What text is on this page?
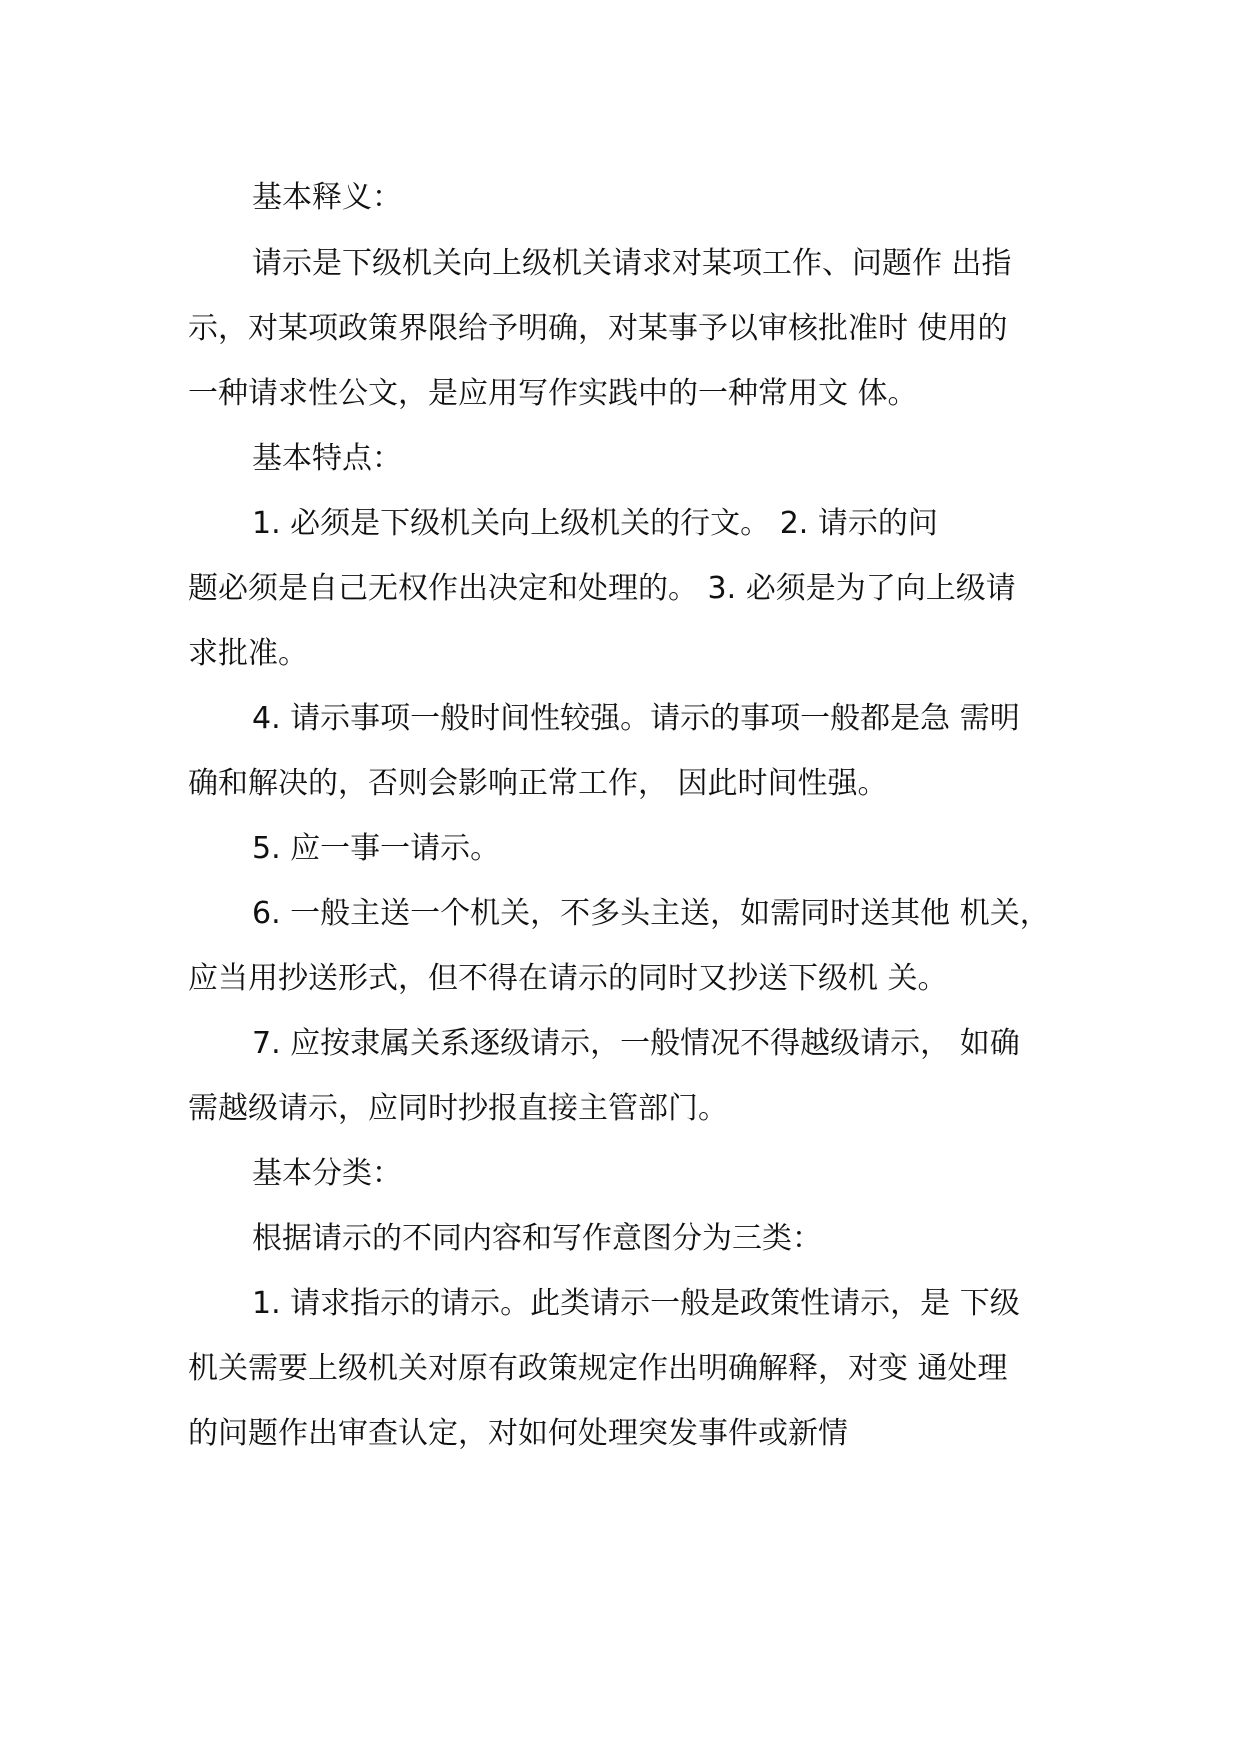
基本释义：
请示是下级机关向上级机关请求对某项工作、问题作 出指
示，对某项政策界限给予明确，对某事予以审核批准时 使用的
一种请求性公文，是应用写作实践中的一种常用文 体。
基本特点：
1. 必须是下级机关向上级机关的行文。 2. 请示的问
题必须是自己无权作出决定和处理的。 3. 必须是为了向上级请
求批准。
4. 请示事项一般时间性较强。请示的事项一般都是急 需明
确和解决的，否则会影响正常工作， 因此时间性强。
5. 应一事一请示。
6. 一般主送一个机关，不多头主送，如需同时送其他 机关，
应当用抄送形式，但不得在请示的同时又抄送下级机 关。
7. 应按隶属关系逐级请示，一般情况不得越级请示， 如确
需越级请示，应同时抄报直接主管部门。
基本分类：
根据请示的不同内容和写作意图分为三类：
1. 请求指示的请示。此类请示一般是政策性请示，是 下级
机关需要上级机关对原有政策规定作出明确解释，对变 通处理
的问题作出审查认定，对如何处理突发事件或新情
